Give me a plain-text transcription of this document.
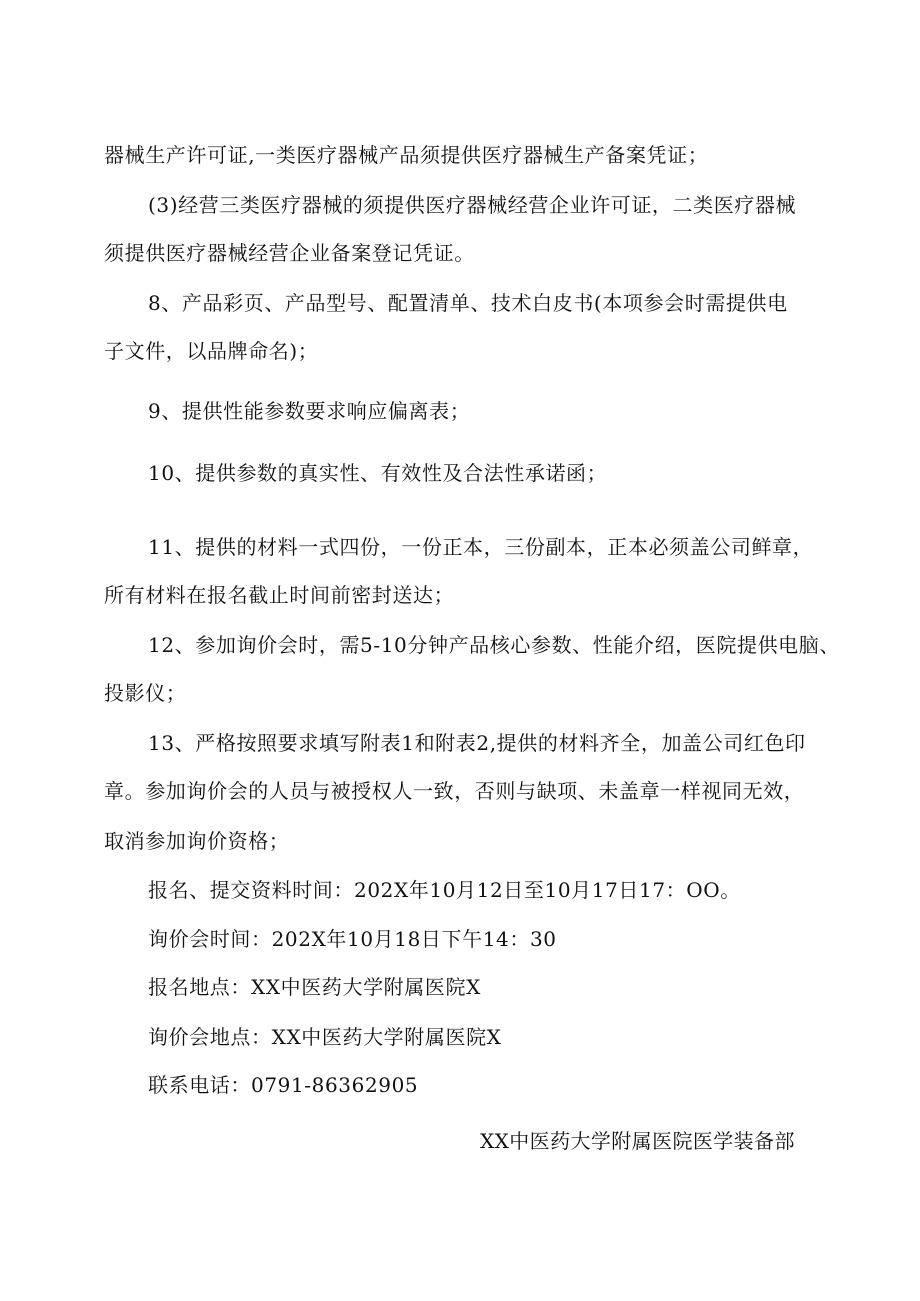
器械生产许可证,一类医疗器械产品须提供医疗器械生产备案凭证；
(3)经营三类医疗器械的须提供医疗器械经营企业许可证，二类医疗器械
须提供医疗器械经营企业备案登记凭证。
8、产品彩页、产品型号、配置清单、技术白皮书(本项参会时需提供电
子文件，以品牌命名)；
9、提供性能参数要求响应偏离表；
10、提供参数的真实性、有效性及合法性承诺函；
11、提供的材料一式四份，一份正本，三份副本，正本必须盖公司鲜章，
所有材料在报名截止时间前密封送达；
12、参加询价会时，需5-10分钟产品核心参数、性能介绍，医院提供电脑、
投影仪；
13、严格按照要求填写附表1和附表2,提供的材料齐全，加盖公司红色印
章。参加询价会的人员与被授权人一致，否则与缺项、未盖章一样视同无效，
取消参加询价资格；
报名、提交资料时间：202X年10月12日至10月17日17：OO。
询价会时间：202X年10月18日下午14：30
报名地点：XX中医药大学附属医院X
询价会地点：XX中医药大学附属医院X
联系电话：0791-86362905
XX中医药大学附属医院医学装备部
